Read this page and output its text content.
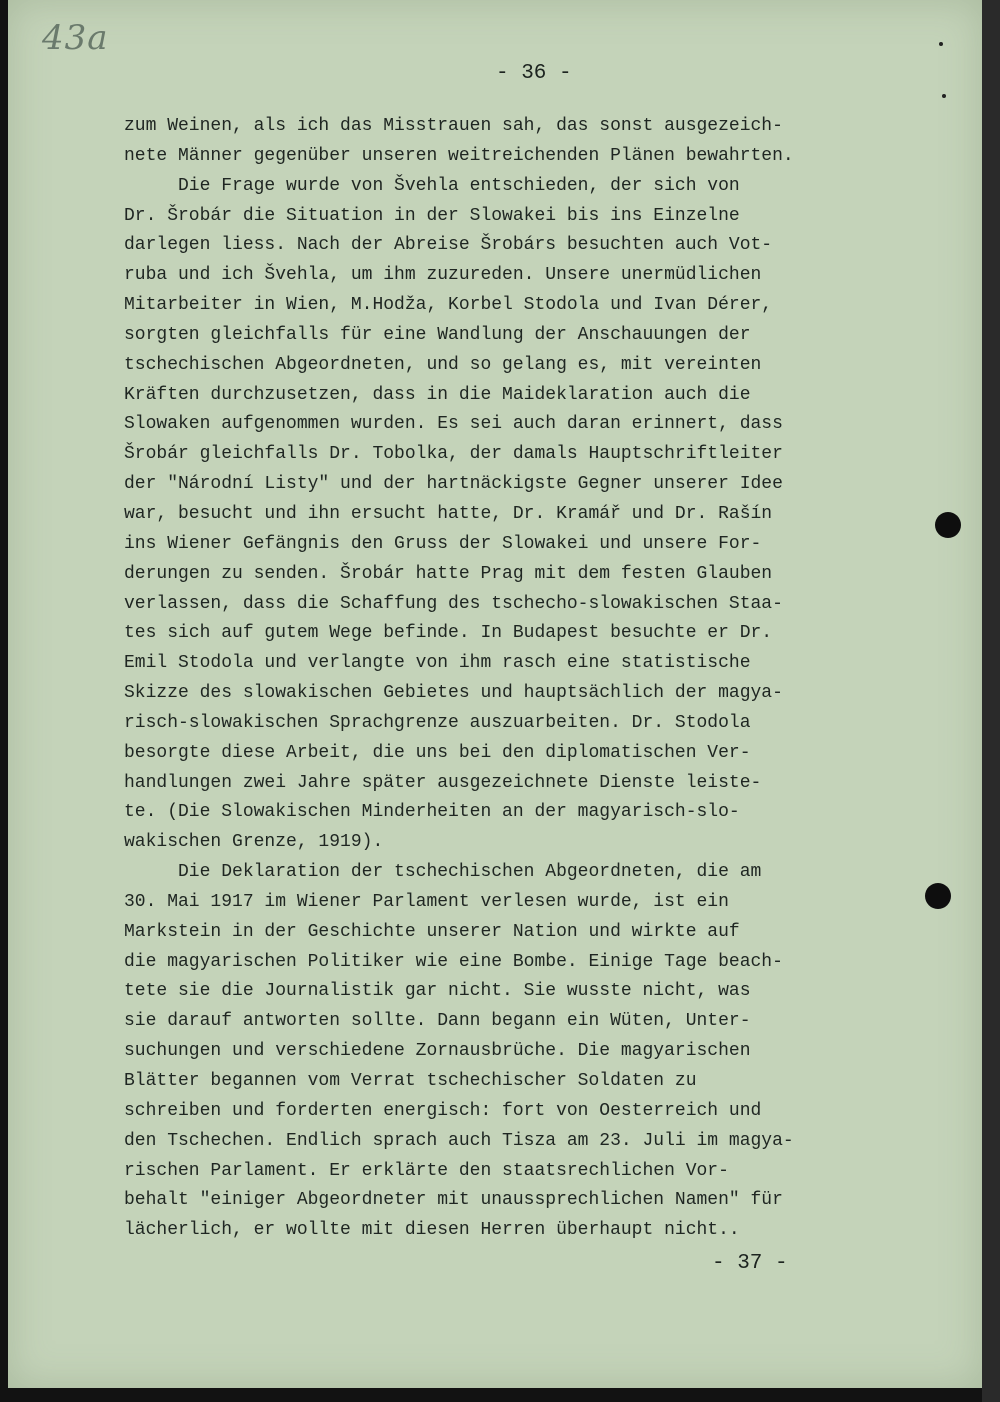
43a
- 36 -
zum Weinen, als ich das Misstrauen sah, das sonst ausgezeich-
nete Männer gegenüber unseren weitreichenden Plänen bewahrten.
Die Frage wurde von Švehla entschieden, der sich von
Dr. Šrobár die Situation in der Slowakei bis ins Einzelne
darlegen liess. Nach der Abreise Šrobárs besuchten auch Vot-
ruba und ich Švehla, um ihm zuzureden. Unsere unermüdlichen
Mitarbeiter in Wien, M.Hodža, Korbel Stodola und Ivan Dérer,
sorgten gleichfalls für eine Wandlung der Anschauungen der
tschechischen Abgeordneten, und so gelang es, mit vereinten
Kräften durchzusetzen, dass in die Maideklaration auch die
Slowaken aufgenommen wurden. Es sei auch daran erinnert, dass
Šrobár gleichfalls Dr. Tobolka, der damals Hauptschriftleiter
der "Národní Listy" und der hartnäckigste Gegner unserer Idee
war, besucht und ihn ersucht hatte, Dr. Kramář und Dr. Rašín
ins Wiener Gefängnis den Gruss der Slowakei und unsere For-
derungen zu senden. Šrobár hatte Prag mit dem festen Glauben
verlassen, dass die Schaffung des tschecho-slowakischen Staa-
tes sich auf gutem Wege befinde. In Budapest besuchte er Dr.
Emil Stodola und verlangte von ihm rasch eine statistische
Skizze des slowakischen Gebietes und hauptsächlich der magya-
risch-slowakischen Sprachgrenze auszuarbeiten. Dr. Stodola
besorgte diese Arbeit, die uns bei den diplomatischen Ver-
handlungen zwei Jahre später ausgezeichnete Dienste leiste-
te. (Die Slowakischen Minderheiten an der magyarisch-slo-
wakischen Grenze, 1919).
Die Deklaration der tschechischen Abgeordneten, die am
30. Mai 1917 im Wiener Parlament verlesen wurde, ist ein
Markstein in der Geschichte unserer Nation und wirkte auf
die magyarischen Politiker wie eine Bombe. Einige Tage beach-
tete sie die Journalistik gar nicht. Sie wusste nicht, was
sie darauf antworten sollte. Dann begann ein Wüten, Unter-
suchungen und verschiedene Zornausbrüche. Die magyarischen
Blätter begannen vom Verrat tschechischer Soldaten zu
schreiben und forderten energisch: fort von Oesterreich und
den Tschechen. Endlich sprach auch Tisza am 23. Juli im magya-
rischen Parlament. Er erklärte den staatsrechlichen Vor-
behalt "einiger Abgeordneter mit unaussprechlichen Namen" für
lächerlich, er wollte mit diesen Herren überhaupt nicht..
- 37 -
